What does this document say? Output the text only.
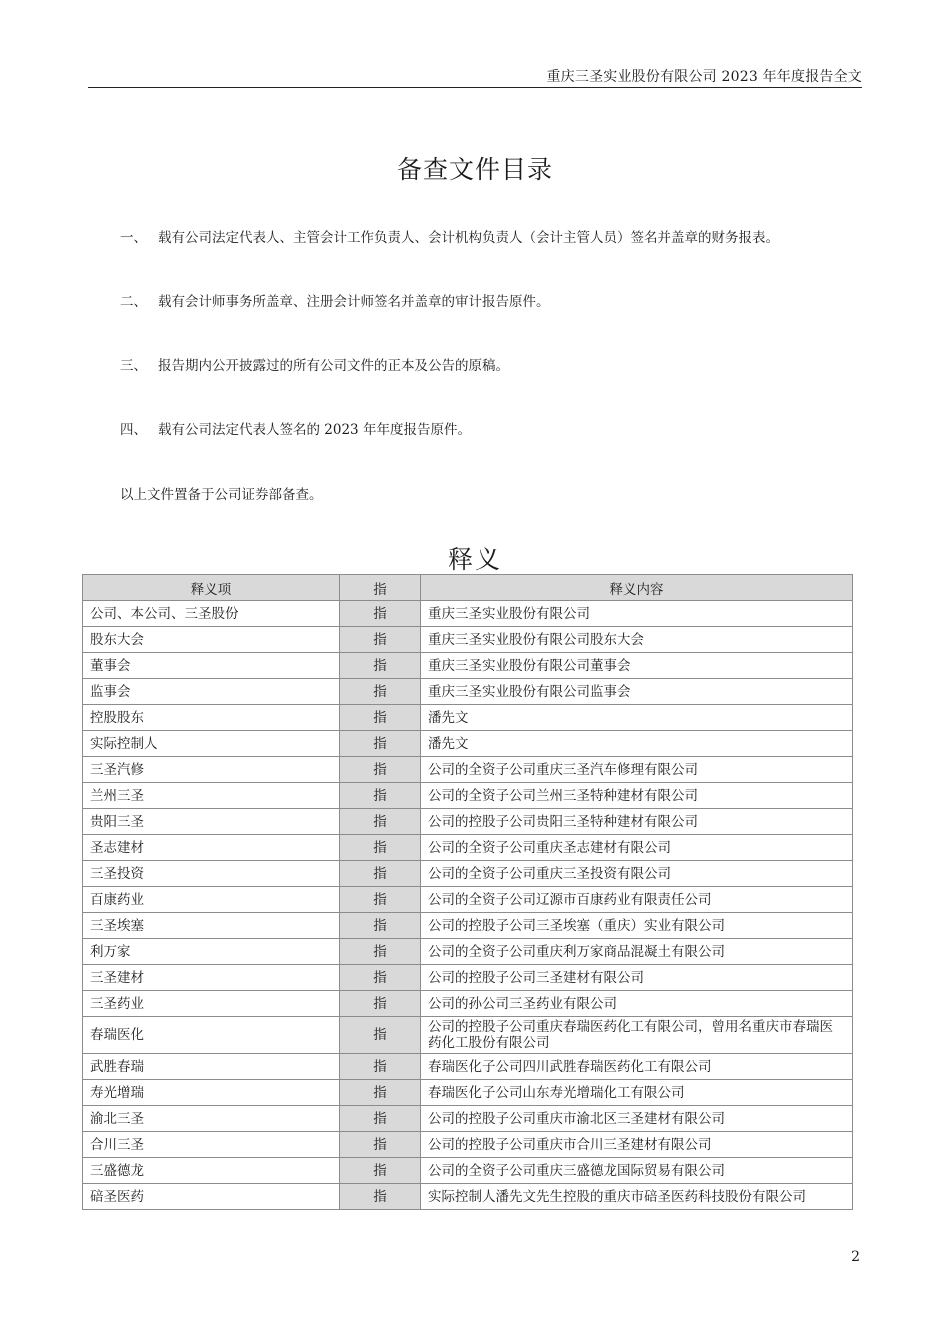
重庆三圣实业股份有限公司 2023 年年度报告全文
备查文件目录
一、 载有公司法定代表人、主管会计工作负责人、会计机构负责人（会计主管人员）签名并盖章的财务报表。
二、 载有会计师事务所盖章、注册会计师签名并盖章的审计报告原件。
三、 报告期内公开披露过的所有公司文件的正本及公告的原稿。
四、 载有公司法定代表人签名的 2023 年年度报告原件。
以上文件置备于公司证券部备查。
释义
释义项	指	释义内容
公司、本公司、三圣股份	指	重庆三圣实业股份有限公司
股东大会	指	重庆三圣实业股份有限公司股东大会
董事会	指	重庆三圣实业股份有限公司董事会
监事会	指	重庆三圣实业股份有限公司监事会
控股股东	指	潘先文
实际控制人	指	潘先文
三圣汽修	指	公司的全资子公司重庆三圣汽车修理有限公司
兰州三圣	指	公司的全资子公司兰州三圣特种建材有限公司
贵阳三圣	指	公司的控股子公司贵阳三圣特种建材有限公司
圣志建材	指	公司的全资子公司重庆圣志建材有限公司
三圣投资	指	公司的全资子公司重庆三圣投资有限公司
百康药业	指	公司的全资子公司辽源市百康药业有限责任公司
三圣埃塞	指	公司的控股子公司三圣埃塞（重庆）实业有限公司
利万家	指	公司的全资子公司重庆利万家商品混凝土有限公司
三圣建材	指	公司的控股子公司三圣建材有限公司
三圣药业	指	公司的孙公司三圣药业有限公司
春瑞医化	指	公司的控股子公司重庆春瑞医药化工有限公司，曾用名重庆市春瑞医药化工股份有限公司
武胜春瑞	指	春瑞医化子公司四川武胜春瑞医药化工有限公司
寿光增瑞	指	春瑞医化子公司山东寿光增瑞化工有限公司
渝北三圣	指	公司的控股子公司重庆市渝北区三圣建材有限公司
合川三圣	指	公司的控股子公司重庆市合川三圣建材有限公司
三盛德龙	指	公司的全资子公司重庆三盛德龙国际贸易有限公司
碚圣医药	指	实际控制人潘先文先生控股的重庆市碚圣医药科技股份有限公司
2
